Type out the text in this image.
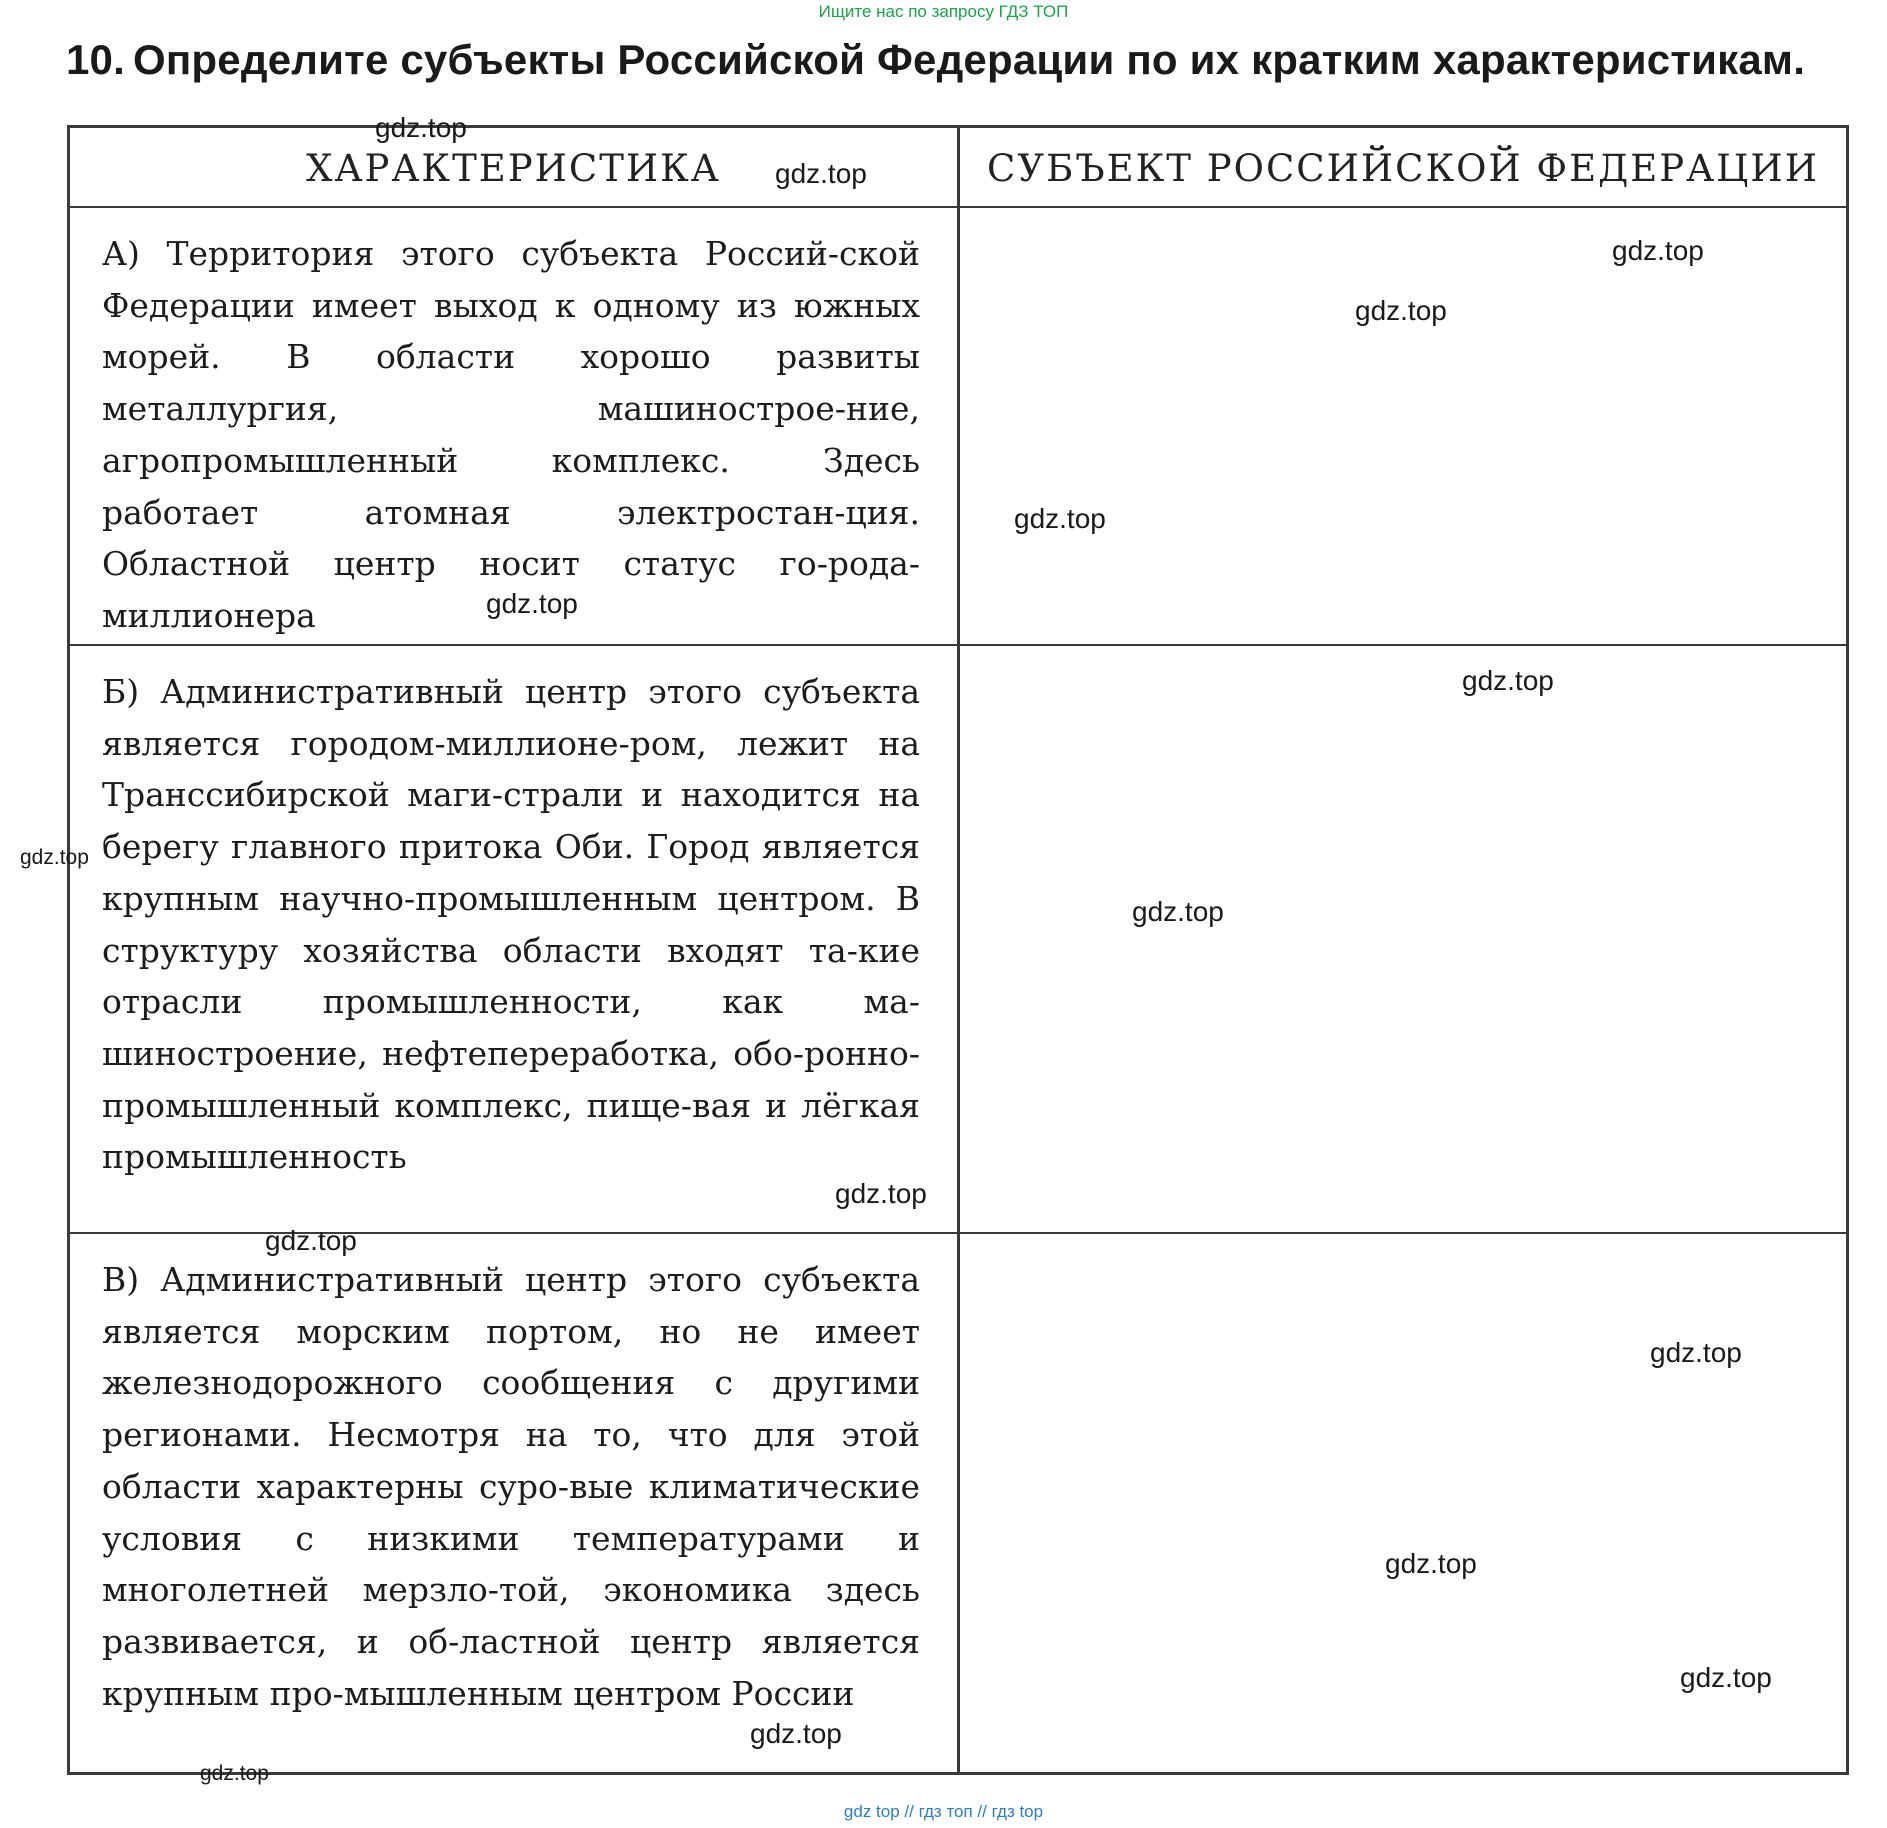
Ищите нас по запросу ГДЗ ТОП
10. Определите субъекты Российской Федерации по их кратким характеристикам.
ХАРАКТЕРИСТИКА	СУБЪЕКТ РОССИЙСКОЙ ФЕДЕРАЦИИ
А) Территория этого субъекта Россий-ской Федерации имеет выход к одному из южных морей. В области хорошо развиты металлургия, машинострое-ние, агропромышленный комплекс. Здесь работает атомная электростан-ция. Областной центр носит статус го-рода-миллионера
Б) Административный центр этого субъекта является городом-миллионе-ром, лежит на Транссибирской маги-страли и находится на берегу главного притока Оби. Город является крупным научно-промышленным центром. В структуру хозяйства области входят та-кие отрасли промышленности, как ма-шиностроение, нефтепереработка, обо-ронно-промышленный комплекс, пище-вая и лёгкая промышленность
В) Административный центр этого субъекта является морским портом, но не имеет железнодорожного сообщения с другими регионами. Несмотря на то, что для этой области характерны суро-вые климатические условия с низкими температурами и многолетней мерзло-той, экономика здесь развивается, и об-ластной центр является крупным про-мышленным центром России
gdz.top
gdz.top
gdz.top
gdz.top
gdz.top
gdz.top
gdz.top
gdz.top
gdz.top
gdz.top
gdz.top
gdz.top
gdz.top
gdz.top
gdz.top
gdz.top
gdz top // гдз топ // гдз top
